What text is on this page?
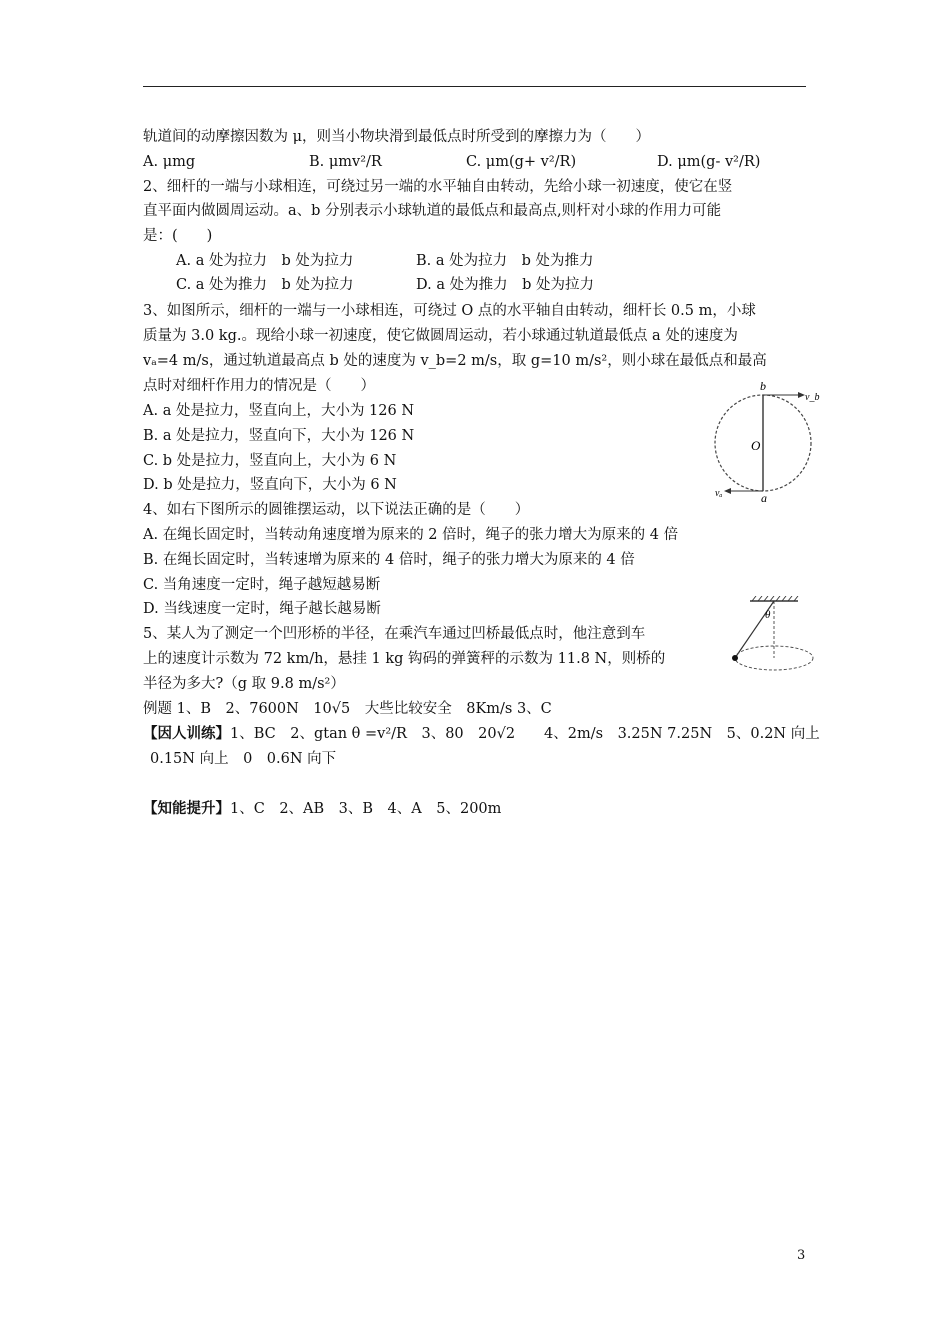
轨道间的动摩擦因数为 μ，则当小物块滑到最低点时所受到的摩擦力为（　　）
A. μmg	B. μmv²/R	C. μm(g+ v²/R)	D. μm(g- v²/R)
2、细杆的一端与小球相连，可绕过另一端的水平轴自由转动，先给小球一初速度，使它在竖
直平面内做圆周运动。a、b 分别表示小球轨道的最低点和最高点,则杆对小球的作用力可能
是：(　　)
A. a 处为拉力　b 处为拉力	B. a 处为拉力　b 处为推力
C. a 处为推力　b 处为拉力	D. a 处为推力　b 处为拉力
3、如图所示，细杆的一端与一小球相连，可绕过 O 点的水平轴自由转动，细杆长 0.5 m，小球
质量为 3.0 kg.。现给小球一初速度，使它做圆周运动，若小球通过轨道最低点 a 处的速度为
vₐ=4 m/s，通过轨道最高点 b 处的速度为 v_b=2 m/s，取 g=10 m/s²，则小球在最低点和最高
点时对细杆作用力的情况是（　　）
A. a 处是拉力，竖直向上，大小为 126 N
B. a 处是拉力，竖直向下，大小为 126 N
C. b 处是拉力，竖直向上，大小为 6 N
D. b 处是拉力，竖直向下，大小为 6 N
4、如右下图所示的圆锥摆运动，以下说法正确的是（　　）
A. 在绳长固定时，当转动角速度增为原来的 2 倍时，绳子的张力增大为原来的 4 倍
B. 在绳长固定时，当转速增为原来的 4 倍时，绳子的张力增大为原来的 4 倍
C. 当角速度一定时，绳子越短越易断
D. 当线速度一定时，绳子越长越易断
5、某人为了测定一个凹形桥的半径，在乘汽车通过凹桥最低点时，他注意到车
上的速度计示数为 72 km/h，悬挂 1 kg 钩码的弹簧秤的示数为 11.8 N，则桥的
半径为多大?（g 取 9.8 m/s²）
例题 1、B　2、7600N　10√5　大些比较安全　8Km/s 3、C
【因人训练】1、BC　2、gtan θ =v²/R　3、80　20√2　　4、2m/s　3.25N 7.25N　5、0.2N 向上
0.15N 向上　0　0.6N 向下
【知能提升】1、C　2、AB　3、B　4、A　5、200m
b
O
a
v_b
vₐ
θ
3
